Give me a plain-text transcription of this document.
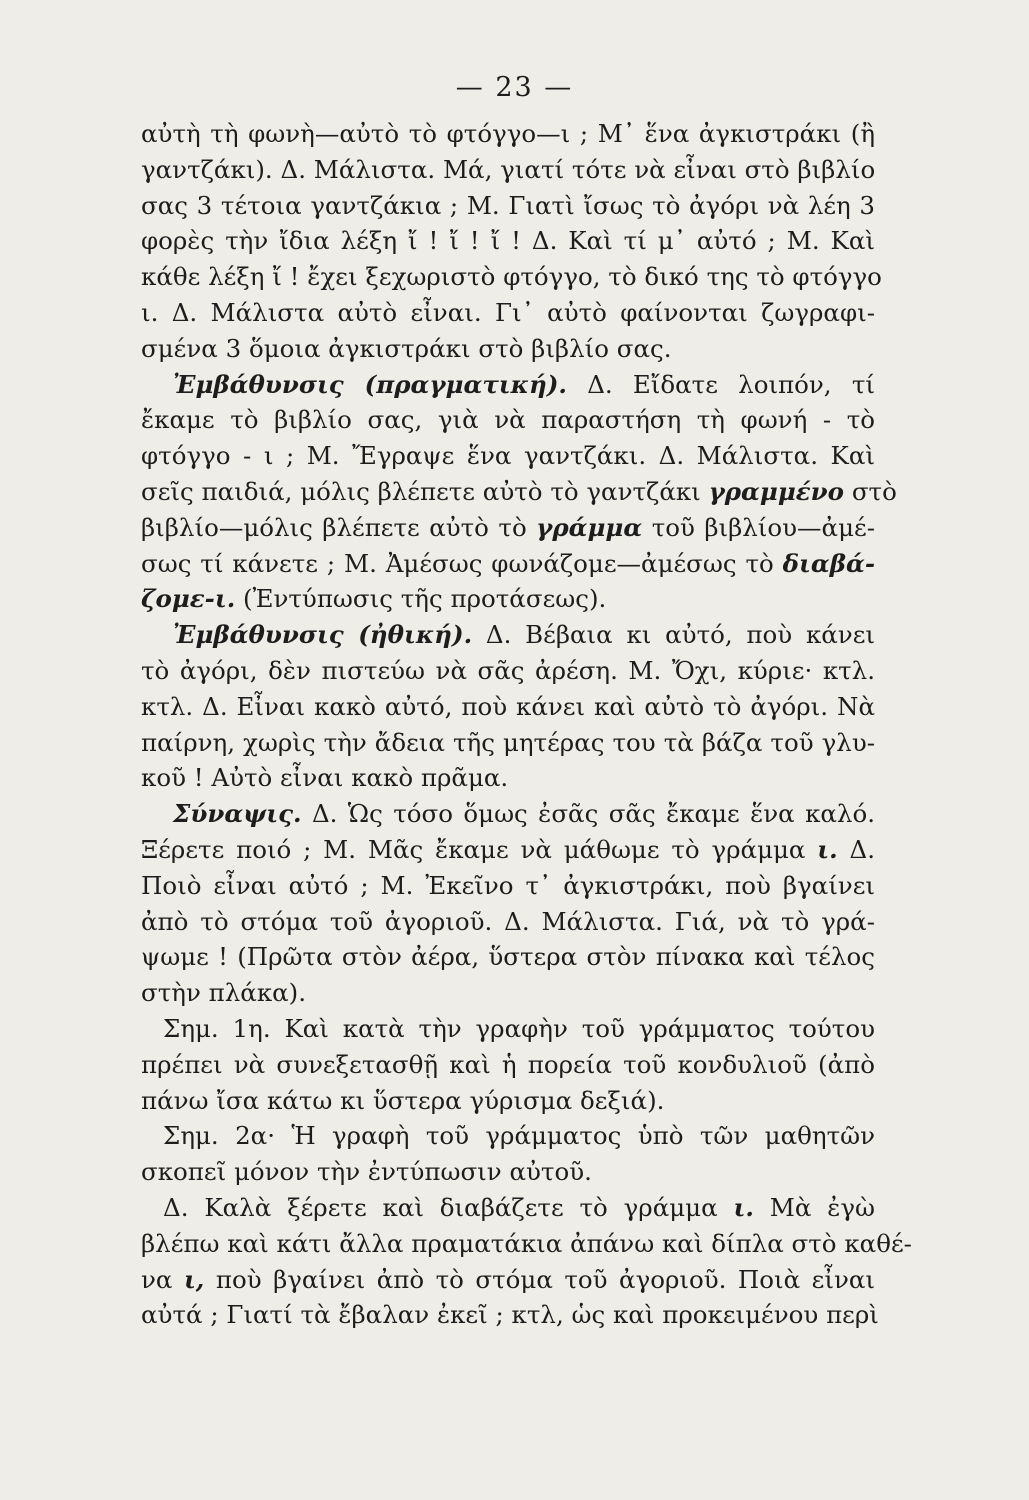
— 23 —
αὐτὴ τὴ φωνὴ—αὐτὸ τὸ φτόγγο—ι ; Μ᾽ ἕνα ἀγκιστράκι (ἢ
γαντζάκι). Δ. Μάλιστα. Μά, γιατί τότε νὰ εἶναι στὸ βιβλίο
σας 3 τέτοια γαντζάκια ; Μ. Γιατὶ ἴσως τὸ ἀγόρι νὰ λέη 3
φορὲς τὴν ἴδια λέξη ἴ ! ἴ ! ἴ ! Δ. Καὶ τί μ᾽ αὐτό ; Μ. Καὶ
κάθε λέξη ἴ ! ἔχει ξεχωριστὸ φτόγγο, τὸ δικό της τὸ φτόγγο
ι. Δ. Μάλιστα αὐτὸ εἶναι. Γι᾽ αὐτὸ φαίνονται ζωγραφι-
σμένα 3 ὅμοια ἀγκιστράκι στὸ βιβλίο σας.
Ἐμβάθυνσις (πραγματική). Δ. Εἴδατε λοιπόν, τί
ἔκαμε τὸ βιβλίο σας, γιὰ νὰ παραστήση τὴ φωνή - τὸ
φτόγγο - ι ; Μ. Ἔγραψε ἕνα γαντζάκι. Δ. Μάλιστα. Καὶ
σεῖς παιδιά, μόλις βλέπετε αὐτὸ τὸ γαντζάκι γραμμένο στὸ
βιβλίο—μόλις βλέπετε αὐτὸ τὸ γράμμα τοῦ βιβλίου—ἀμέ-
σως τί κάνετε ; Μ. Ἀμέσως φωνάζομε—ἀμέσως τὸ διαβά-
ζομε-ι. (Ἐντύπωσις τῆς προτάσεως).
Ἐμβάθυνσις (ἠθική). Δ. Βέβαια κι αὐτό, ποὺ κάνει
τὸ ἀγόρι, δὲν πιστεύω νὰ σᾶς ἀρέση. Μ. Ὄχι, κύριε· κτλ.
κτλ. Δ. Εἶναι κακὸ αὐτό, ποὺ κάνει καὶ αὐτὸ τὸ ἀγόρι. Νὰ
παίρνη, χωρὶς τὴν ἄδεια τῆς μητέρας του τὰ βάζα τοῦ γλυ-
κοῦ ! Αὐτὸ εἶναι κακὸ πρᾶμα.
Σύναψις. Δ. Ὡς τόσο ὅμως ἐσᾶς σᾶς ἔκαμε ἕνα καλό.
Ξέρετε ποιό ; Μ. Μᾶς ἔκαμε νὰ μάθωμε τὸ γράμμα ι. Δ.
Ποιὸ εἶναι αὐτό ; Μ. Ἐκεῖνο τ᾽ ἀγκιστράκι, ποὺ βγαίνει
ἀπὸ τὸ στόμα τοῦ ἀγοριοῦ. Δ. Μάλιστα. Γιά, νὰ τὸ γρά-
ψωμε ! (Πρῶτα στὸν ἀέρα, ὕστερα στὸν πίνακα καὶ τέλος
στὴν πλάκα).
Σημ. 1η. Καὶ κατὰ τὴν γραφὴν τοῦ γράμματος τούτου
πρέπει νὰ συνεξετασθῇ καὶ ἡ πορεία τοῦ κονδυλιοῦ (ἀπὸ
πάνω ἴσα κάτω κι ὕστερα γύρισμα δεξιά).
Σημ. 2α· Ἡ γραφὴ τοῦ γράμματος ὑπὸ τῶν μαθητῶν
σκοπεῖ μόνον τὴν ἐντύπωσιν αὐτοῦ.
Δ. Καλὰ ξέρετε καὶ διαβάζετε τὸ γράμμα ι. Μὰ ἐγὼ
βλέπω καὶ κάτι ἄλλα πραματάκια ἀπάνω καὶ δίπλα στὸ καθέ-
να ι, ποὺ βγαίνει ἀπὸ τὸ στόμα τοῦ ἀγοριοῦ. Ποιὰ εἶναι
αὐτά ; Γιατί τὰ ἔβαλαν ἐκεῖ ; κτλ, ὡς καὶ προκειμένου περὶ
